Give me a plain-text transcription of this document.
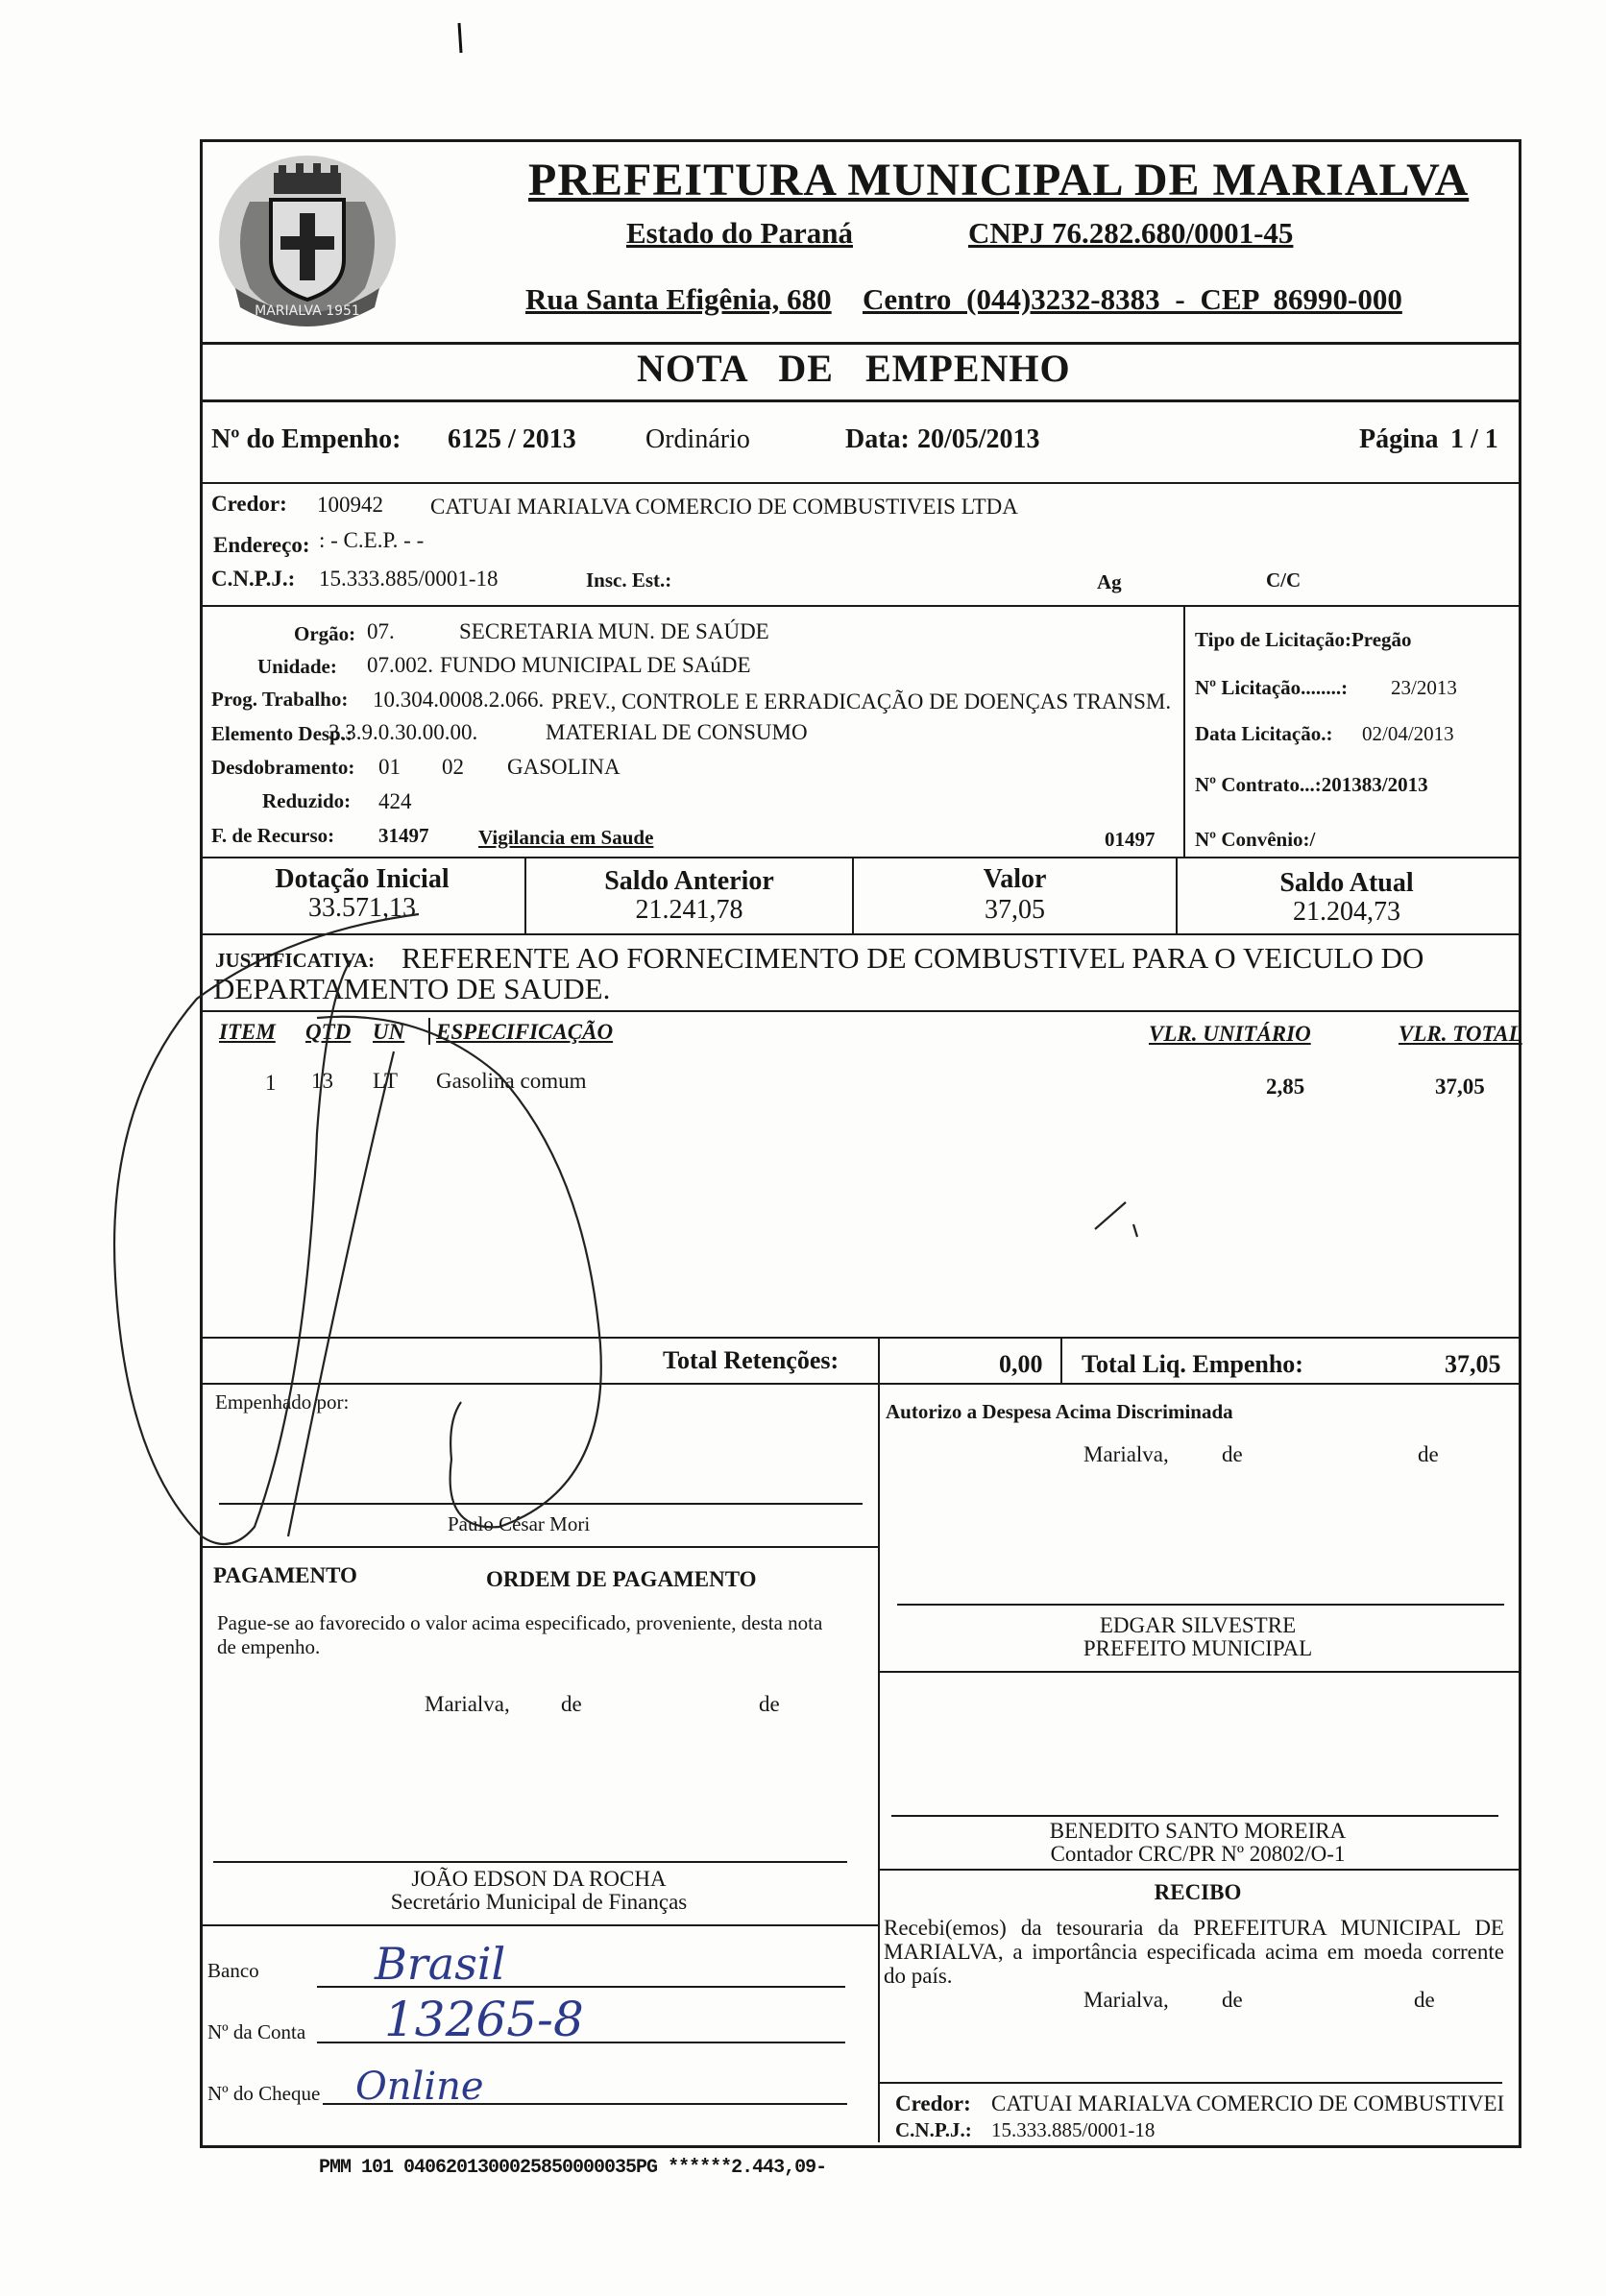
MARIALVA 1951
PREFEITURA MUNICIPAL DE MARIALVA
Estado do Paraná	CNPJ 76.282.680/0001-45
Rua Santa Efigênia, 680 Centro (044)3232-8383 - CEP 86990-000
NOTA DE EMPENHO
Nº do Empenho: 6125 / 2013	Ordinário	Data: 20/05/2013	Página 1 / 1
Credor: 100942 CATUAI MARIALVA COMERCIO DE COMBUSTIVEIS LTDA
Endereço: : - C.E.P. - -
C.N.P.J.: 15.333.885/0001-18	Insc. Est.:	Ag	C/C
Orgão: 07.	SECRETARIA MUN. DE SAÚDE
Unidade: 07.002. FUNDO MUNICIPAL DE SAúDE
Prog. Trabalho: 10.304.0008.2.066. PREV., CONTROLE E ERRADICAÇÃO DE DOENÇAS TRANSM.
Elemento Desp.:
3.3.9.0.30.00.00.	MATERIAL DE CONSUMO
Desdobramento: 01 02 GASOLINA
Reduzido: 424
F. de Recurso: 31497 Vigilancia em Saude	01497
Tipo de Licitação:Pregão
Nº Licitação........: 23/2013
Data Licitação.: 02/04/2013
Nº Contrato...:201383/2013
Nº Convênio:/
Dotação Inicial
33.571,13
Saldo Anterior
21.241,78
Valor
37,05
Saldo Atual
21.204,73
JUSTIFICATIVA: REFERENTE AO FORNECIMENTO DE COMBUSTIVEL PARA O VEICULO DO
DEPARTAMENTO DE SAUDE.
ITEM QTD UN ESPECIFICAÇÃO	VLR. UNITÁRIO	VLR. TOTAL
1 13 LT Gasolina comum	2,85	37,05
Total Retenções:	0,00 Total Liq. Empenho:	37,05
Empenhado por:
Paulo César Mori
Autorizo a Despesa Acima Discriminada
Marialva, de	de
EDGAR SILVESTRE
PREFEITO MUNICIPAL
PAGAMENTO	ORDEM DE PAGAMENTO
Pague-se ao favorecido o valor acima especificado, proveniente, desta nota de empenho.
Marialva, de	de
BENEDITO SANTO MOREIRA
Contador CRC/PR Nº 20802/O-1
JOÃO EDSON DA ROCHA
Secretário Municipal de Finanças	RECIBO
Recebi(emos) da tesouraria da PREFEITURA MUNICIPAL DE MARIALVA, a importância especificada acima em moeda corrente do país.
Marialva, de	de
Banco	Brasil
Nº da Conta 13265-8
Nº do Cheque Online	Credor: CATUAI MARIALVA COMERCIO DE COMBUSTIVEI
C.N.P.J.: 15.333.885/0001-18
PMM 101 0406201300025850000035PG ******2.443,09-
